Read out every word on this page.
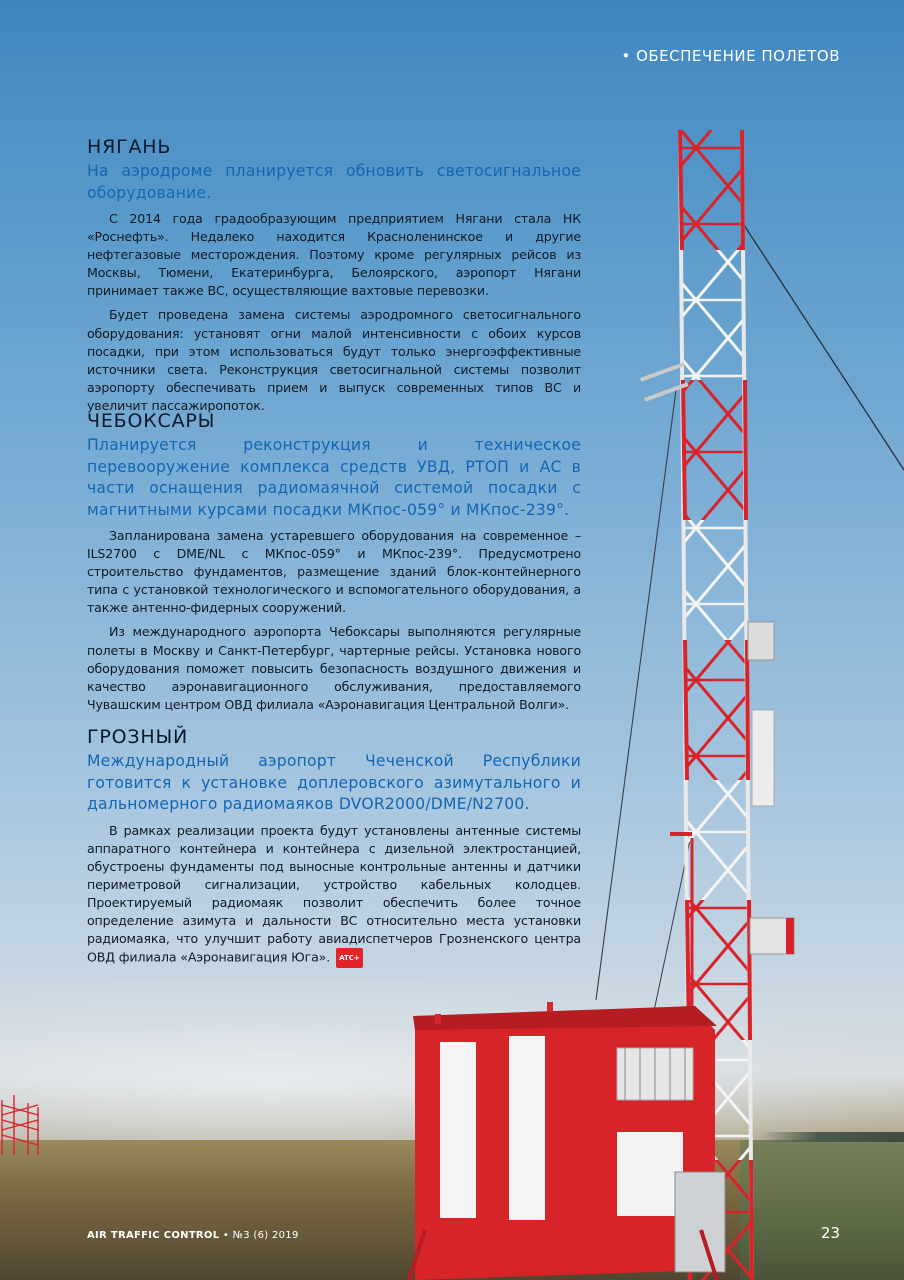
• ОБЕСПЕЧЕНИЕ ПОЛЕТОВ
НЯГАНЬ

На аэродроме планируется обновить светосигнальное оборудование.

С 2014 года градообразующим предприятием Нягани стала НК «Роснефть». Недалеко находится Красноленинское и другие нефтегазовые месторождения. Поэтому кроме регулярных рейсов из Москвы, Тюмени, Екатеринбурга, Белоярского, аэропорт Нягани принимает также ВС, осуществляющие вахтовые перевозки.

Будет проведена замена системы аэродромного светосигнального оборудования: установят огни малой интенсивности с обоих курсов посадки, при этом использоваться будут только энергоэффективные источники света. Реконструкция светосигнальной системы позволит аэропорту обеспечивать прием и выпуск современных типов ВС и увеличит пассажиропоток.

ЧЕБОКСАРЫ

Планируется реконструкция и техническое перевооружение комплекса средств УВД, РТОП и АС в части оснащения радиомаячной системой посадки с магнитными курсами посадки МКпос-059° и МКпос-239°.

Запланирована замена устаревшего оборудования на современное – ILS2700 с DME/NL с МКпос-059° и МКпос-239°. Предусмотрено строительство фундаментов, размещение зданий блок-контейнерного типа с установкой технологического и вспомогательного оборудования, а также антенно-фидерных сооружений.

Из международного аэропорта Чебоксары выполняются регулярные полеты в Москву и Санкт-Петербург, чартерные рейсы. Установка нового оборудования поможет повысить безопасность воздушного движения и качество аэронавигационного обслуживания, предоставляемого Чувашским центром ОВД филиала «Аэронавигация Центральной Волги».

ГРОЗНЫЙ

Международный аэропорт Чеченской Республики готовится к установке доплеровского азимутального и дальномерного радиомаяков DVOR2000/DME/N2700.

В рамках реализации проекта будут установлены антенные системы аппаратного контейнера и контейнера с дизельной электростанцией, обустроены фундаменты под выносные контрольные антенны и датчики периметровой сигнализации, устройство кабельных колодцев. Проектируемый радиомаяк позволит обеспечить более точное определение азимута и дальности ВС относительно места установки радиомаяка, что улучшит работу авиадиспетчеров Грозненского центра ОВД филиала «Аэронавигация Юга». ATC+

AIR TRAFFIC CONTROL • №3 (6) 2019	23
